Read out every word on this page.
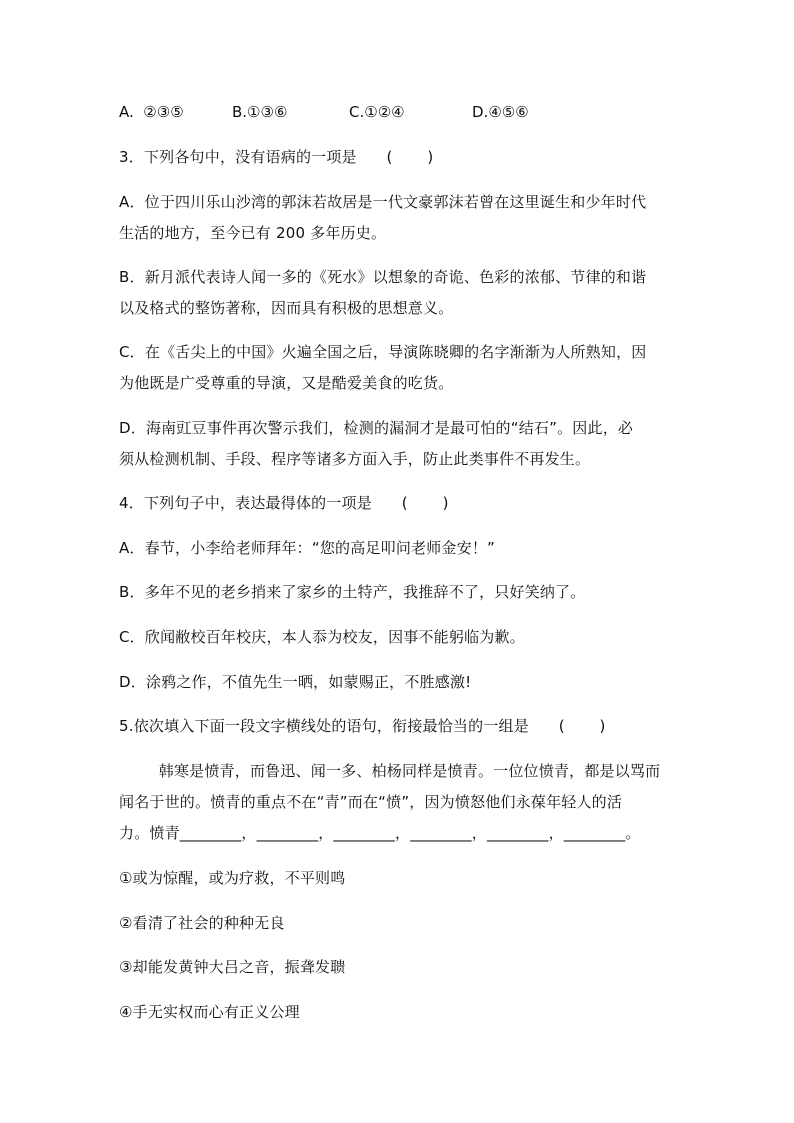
A.  ②③⑤	B.①③⑥	C.①②④	D.④⑤⑥
3．下列各句中，没有语病的一项是      (       )
A．位于四川乐山沙湾的郭沫若故居是一代文豪郭沫若曾在这里诞生和少年时代
生活的地方，至今已有 200 多年历史。
B．新月派代表诗人闻一多的《死水》以想象的奇诡、色彩的浓郁、节律的和谐
以及格式的整饬著称，因而具有积极的思想意义。
C．在《舌尖上的中国》火遍全国之后，导演陈晓卿的名字渐渐为人所熟知，因
为他既是广受尊重的导演，又是酷爱美食的吃货。
D．海南豇豆事件再次警示我们，检测的漏洞才是最可怕的“结石”。因此，必
须从检测机制、手段、程序等诸多方面入手，防止此类事件不再发生。
4．下列句子中，表达最得体的一项是      (       )
A．春节，小李给老师拜年：“您的高足叩问老师金安！”
B．多年不见的老乡捎来了家乡的土特产，我推辞不了，只好笑纳了。
C．欣闻敝校百年校庆，本人忝为校友，因事不能躬临为歉。
D．涂鸦之作，不值先生一晒，如蒙赐正，不胜感激!
5.依次填入下面一段文字横线处的语句，衔接最恰当的一组是      (       )
韩寒是愤青，而鲁迅、闻一多、柏杨同样是愤青。一位位愤青，都是以骂而
闻名于世的。愤青的重点不在“青”而在“愤”，因为愤怒他们永葆年轻人的活
力。愤青________，________，________，________，________，________。
①或为惊醒，或为疗救，不平则鸣
②看清了社会的种种无良
③却能发黄钟大吕之音，振聋发聩
④手无实权而心有正义公理
